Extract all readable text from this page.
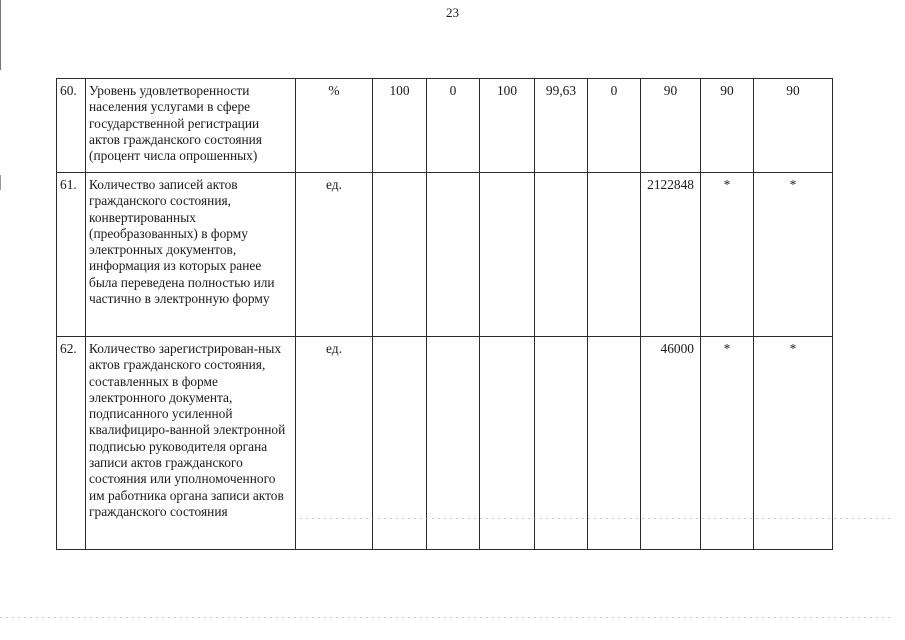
23
60.	Уровень удовлетворенности населения услугами в сфере государственной регистрации актов гражданского состояния (процент числа опрошенных)	%	100	0	100	99,63	0	90	90	90
61.	Количество записей актов гражданского состояния, конвертированных (преобразованных) в форму электронных документов, информация из которых ранее была переведена полностью или частично в электронную форму	ед.						2122848	*	*
62.	Количество зарегистрирован-ных актов гражданского состояния, составленных в форме электронного документа, подписанного усиленной квалифициро-ванной электронной подписью руководителя органа записи актов гражданского состояния или уполномоченного им работника органа записи актов гражданского состояния	ед.						46000	*	*
